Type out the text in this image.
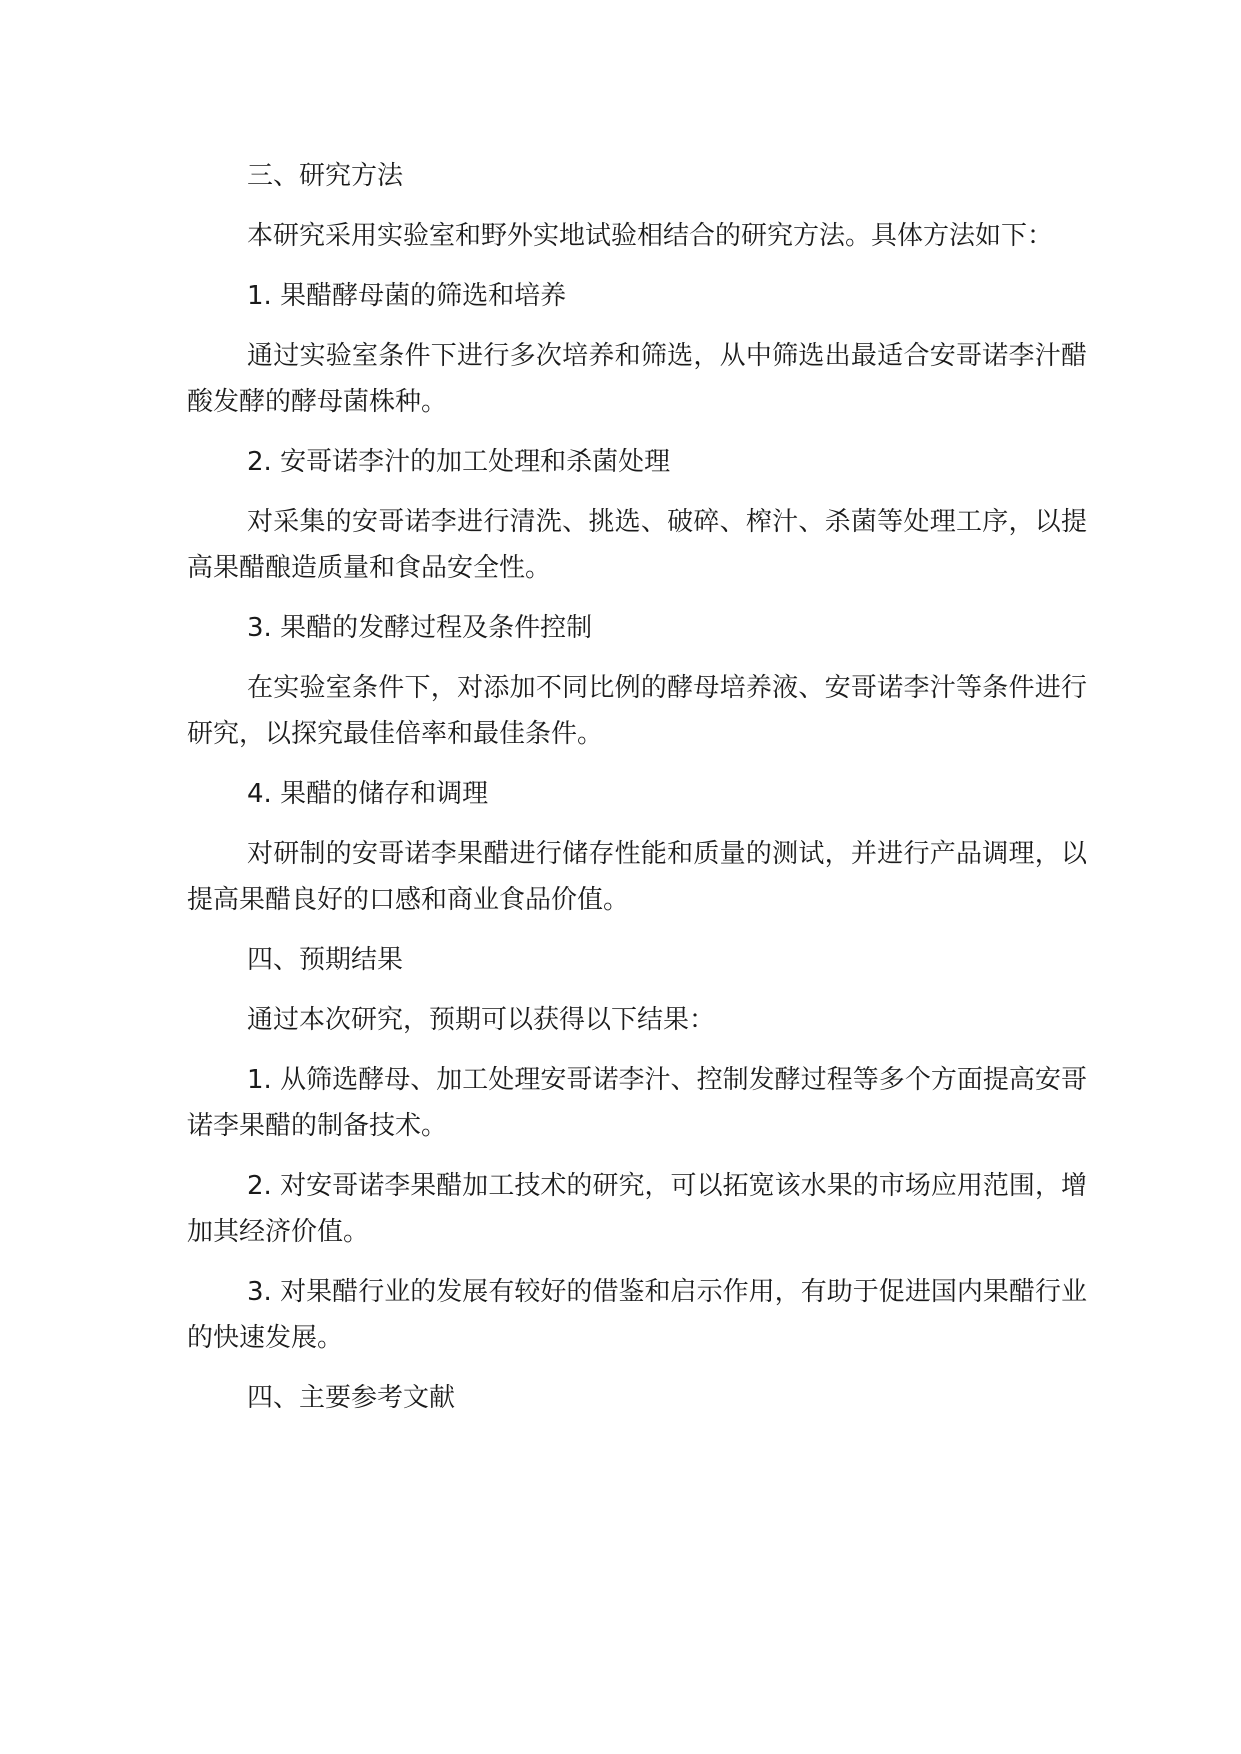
三、研究方法

本研究采用实验室和野外实地试验相结合的研究方法。具体方法如下：

1. 果醋酵母菌的筛选和培养

通过实验室条件下进行多次培养和筛选，从中筛选出最适合安哥诺李汁醋酸发酵的酵母菌株种。

2. 安哥诺李汁的加工处理和杀菌处理

对采集的安哥诺李进行清洗、挑选、破碎、榨汁、杀菌等处理工序，以提高果醋酿造质量和食品安全性。

3. 果醋的发酵过程及条件控制

在实验室条件下，对添加不同比例的酵母培养液、安哥诺李汁等条件进行研究，以探究最佳倍率和最佳条件。

4. 果醋的储存和调理

对研制的安哥诺李果醋进行储存性能和质量的测试，并进行产品调理，以提高果醋良好的口感和商业食品价值。

四、预期结果

通过本次研究，预期可以获得以下结果：

1. 从筛选酵母、加工处理安哥诺李汁、控制发酵过程等多个方面提高安哥诺李果醋的制备技术。

2. 对安哥诺李果醋加工技术的研究，可以拓宽该水果的市场应用范围，增加其经济价值。

3. 对果醋行业的发展有较好的借鉴和启示作用，有助于促进国内果醋行业的快速发展。

四、主要参考文献
